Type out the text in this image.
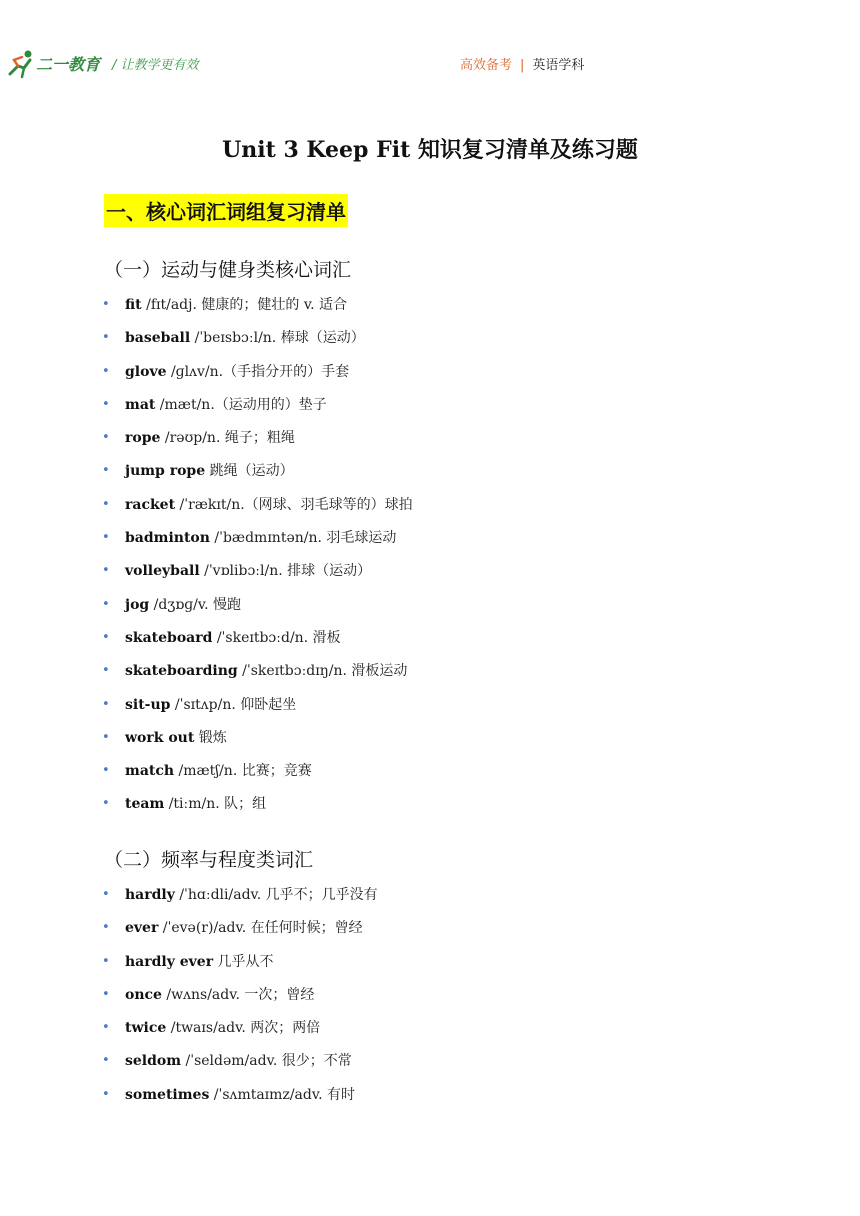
二一教育 / 让教学更有效	高效备考 | 英语学科
Unit 3 Keep Fit 知识复习清单及练习题
一、核心词汇词组复习清单
（一）运动与健身类核心词汇
• fit /fɪt/adj. 健康的；健壮的 v. 适合
• baseball /ˈbeɪsbɔːl/n. 棒球（运动）
• glove /ɡlʌv/n.（手指分开的）手套
• mat /mæt/n.（运动用的）垫子
• rope /rəʊp/n. 绳子；粗绳
• jump rope 跳绳（运动）
• racket /ˈrækɪt/n.（网球、羽毛球等的）球拍
• badminton /ˈbædmɪntən/n. 羽毛球运动
• volleyball /ˈvɒlibɔːl/n. 排球（运动）
• jog /dʒɒɡ/v. 慢跑
• skateboard /ˈskeɪtbɔːd/n. 滑板
• skateboarding /ˈskeɪtbɔːdɪŋ/n. 滑板运动
• sit-up /ˈsɪtʌp/n. 仰卧起坐
• work out 锻炼
• match /mætʃ/n. 比赛；竞赛
• team /tiːm/n. 队；组
（二）频率与程度类词汇
• hardly /ˈhɑːdli/adv. 几乎不；几乎没有
• ever /ˈevə(r)/adv. 在任何时候；曾经
• hardly ever 几乎从不
• once /wʌns/adv. 一次；曾经
• twice /twaɪs/adv. 两次；两倍
• seldom /ˈseldəm/adv. 很少；不常
• sometimes /ˈsʌmtaɪmz/adv. 有时
